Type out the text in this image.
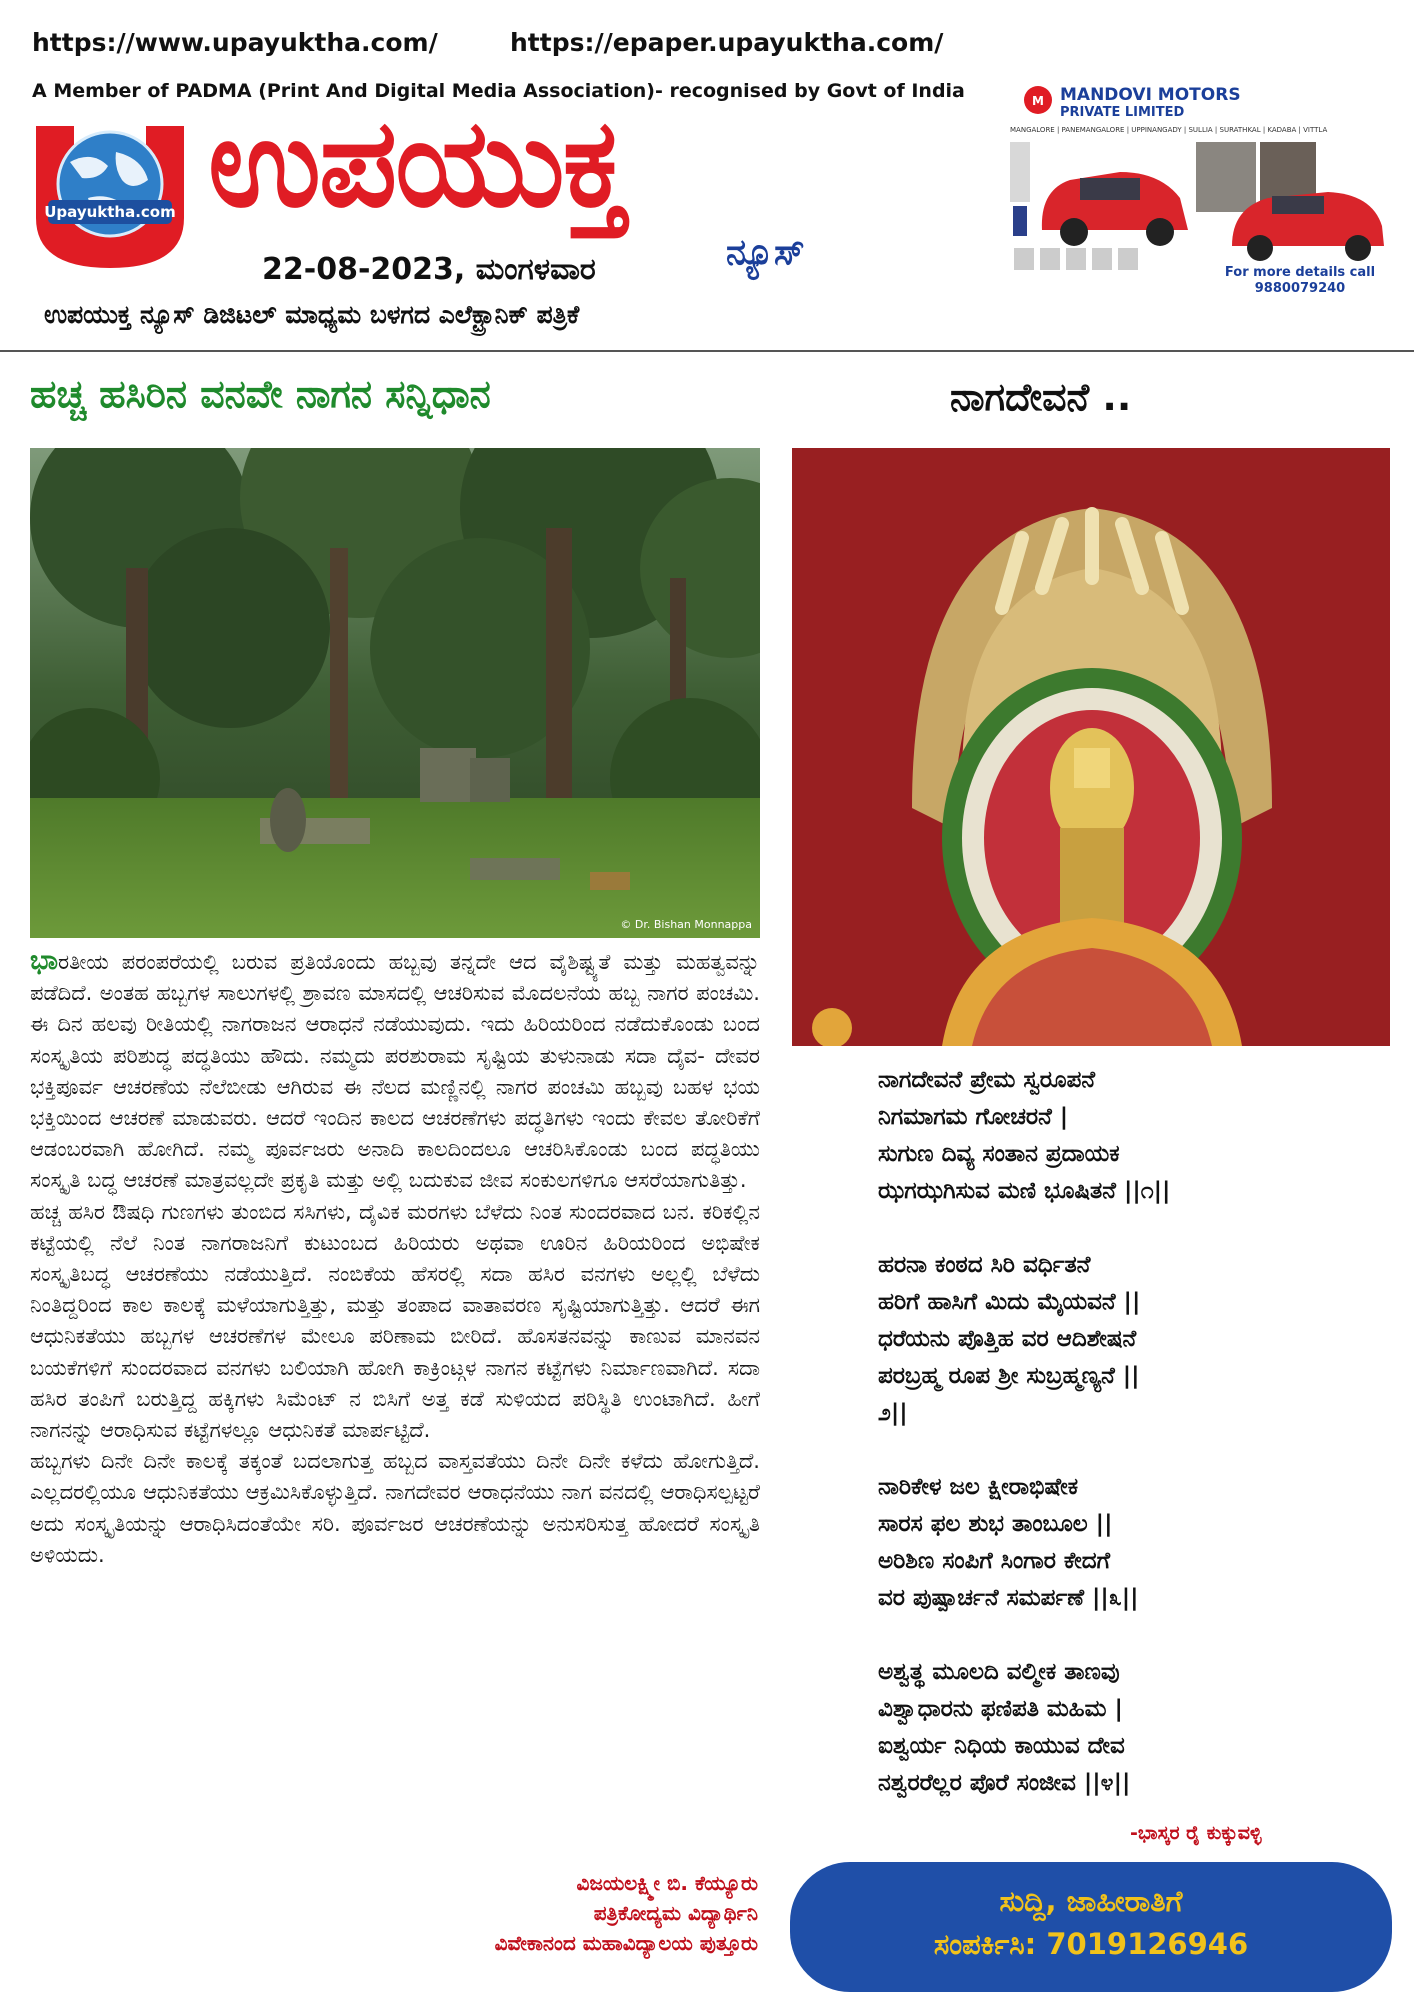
https://www.upayuktha.com/	https://epaper.upayuktha.com/
A Member of PADMA (Print And Digital Media Association)- recognised by Govt of India
Upayuktha.com ಉಪಯುಕ್ತ
ನ್ಯೂಸ್
22-08-2023, ಮಂಗಳವಾರ
ಉಪಯುಕ್ತ ನ್ಯೂಸ್ ಡಿಜಿಟಲ್ ಮಾಧ್ಯಮ ಬಳಗದ ಎಲೆಕ್ಟ್ರಾನಿಕ್ ಪತ್ರಿಕೆ
M MANDOVI MOTORS
PRIVATE LIMITED
MANGALORE | PANEMANGALORE | UPPINANGADY | SULLIA | SURATHKAL | KADABA | VITTLA
For more details call
9880079240
ಹಚ್ಚ ಹಸಿರಿನ ವನವೇ ನಾಗನ ಸನ್ನಿಧಾನ	ನಾಗದೇವನೆ ..
© Dr. Bishan Monnappa

ಭಾರತೀಯ ಪರಂಪರೆಯಲ್ಲಿ ಬರುವ ಪ್ರತಿಯೊಂದು ಹಬ್ಬವು ತನ್ನದೇ ಆದ ವೈಶಿಷ್ಟ್ಯತೆ ಮತ್ತು ಮಹತ್ವವನ್ನು ಪಡೆದಿದೆ. ಅಂತಹ ಹಬ್ಬಗಳ ಸಾಲುಗಳಲ್ಲಿ ಶ್ರಾವಣ ಮಾಸದಲ್ಲಿ ಆಚರಿಸುವ ಮೊದಲನೆಯ ಹಬ್ಬ ನಾಗರ ಪಂಚಮಿ. ಈ ದಿನ ಹಲವು ರೀತಿಯಲ್ಲಿ ನಾಗರಾಜನ ಆರಾಧನೆ ನಡೆಯುವುದು. ಇದು ಹಿರಿಯರಿಂದ ನಡೆದುಕೊಂಡು ಬಂದ ಸಂಸ್ಕೃತಿಯ ಪರಿಶುದ್ಧ ಪದ್ಧತಿಯು ಹೌದು. ನಮ್ಮದು ಪರಶುರಾಮ ಸೃಷ್ಟಿಯ ತುಳುನಾಡು ಸದಾ ದೈವ- ದೇವರ ಭಕ್ತಿಪೂರ್ವ ಆಚರಣೆಯ ನೆಲೆಬೀಡು ಆಗಿರುವ ಈ ನೆಲದ ಮಣ್ಣಿನಲ್ಲಿ ನಾಗರ ಪಂಚಮಿ ಹಬ್ಬವು ಬಹಳ ಭಯ ಭಕ್ತಿಯಿಂದ ಆಚರಣೆ ಮಾಡುವರು. ಆದರೆ ಇಂದಿನ ಕಾಲದ ಆಚರಣೆಗಳು ಪದ್ಧತಿಗಳು ಇಂದು ಕೇವಲ ತೋರಿಕೆಗೆ ಆಡಂಬರವಾಗಿ ಹೋಗಿದೆ. ನಮ್ಮ ಪೂರ್ವಜರು ಅನಾದಿ ಕಾಲದಿಂದಲೂ ಆಚರಿಸಿಕೊಂಡು ಬಂದ ಪದ್ಧತಿಯು ಸಂಸ್ಕೃತಿ ಬದ್ಧ ಆಚರಣೆ ಮಾತ್ರವಲ್ಲದೇ ಪ್ರಕೃತಿ ಮತ್ತು ಅಲ್ಲಿ ಬದುಕುವ ಜೀವ ಸಂಕುಲಗಳಿಗೂ ಆಸರೆಯಾಗುತಿತ್ತು.

ಹಚ್ಚ ಹಸಿರ ಔಷಧಿ ಗುಣಗಳು ತುಂಬಿದ ಸಸಿಗಳು, ದೈವಿಕ ಮರಗಳು ಬೆಳೆದು ನಿಂತ ಸುಂದರವಾದ ಬನ. ಕರಿಕಲ್ಲಿನ ಕಟ್ಟೆಯಲ್ಲಿ ನೆಲೆ ನಿಂತ ನಾಗರಾಜನಿಗೆ ಕುಟುಂಬದ ಹಿರಿಯರು ಅಥವಾ ಊರಿನ ಹಿರಿಯರಿಂದ ಅಭಿಷೇಕ ಸಂಸ್ಕೃತಿಬದ್ಧ ಆಚರಣೆಯು ನಡೆಯುತ್ತಿದೆ. ನಂಬಿಕೆಯ ಹೆಸರಲ್ಲಿ ಸದಾ ಹಸಿರ ವನಗಳು ಅಲ್ಲಲ್ಲಿ ಬೆಳೆದು ನಿಂತಿದ್ದರಿಂದ ಕಾಲ ಕಾಲಕ್ಕೆ ಮಳೆಯಾಗುತ್ತಿತ್ತು, ಮತ್ತು ತಂಪಾದ ವಾತಾವರಣ ಸೃಷ್ಟಿಯಾಗುತ್ತಿತ್ತು. ಆದರೆ ಈಗ ಆಧುನಿಕತೆಯು ಹಬ್ಬಗಳ ಆಚರಣೆಗಳ ಮೇಲೂ ಪರಿಣಾಮ ಬೀರಿದೆ. ಹೊಸತನವನ್ನು ಕಾಣುವ ಮಾನವನ ಬಯಕೆಗಳಿಗೆ ಸುಂದರವಾದ ವನಗಳು ಬಲಿಯಾಗಿ ಹೋಗಿ ಕಾಕ್ರಿಂಟ್ಗಳ ನಾಗನ ಕಟ್ಟೆಗಳು ನಿರ್ಮಾಣವಾಗಿದೆ. ಸದಾ ಹಸಿರ ತಂಪಿಗೆ ಬರುತ್ತಿದ್ದ ಹಕ್ಕಿಗಳು ಸಿಮೆಂಟ್ ನ ಬಿಸಿಗೆ ಅತ್ತ ಕಡೆ ಸುಳಿಯದ ಪರಿಸ್ಥಿತಿ ಉಂಟಾಗಿದೆ. ಹೀಗೆ ನಾಗನನ್ನು ಆರಾಧಿಸುವ ಕಟ್ಟೆಗಳಲ್ಲೂ ಆಧುನಿಕತೆ ಮಾರ್ಪಟ್ಟಿದೆ.

ಹಬ್ಬಗಳು ದಿನೇ ದಿನೇ ಕಾಲಕ್ಕೆ ತಕ್ಕಂತೆ ಬದಲಾಗುತ್ತ ಹಬ್ಬದ ವಾಸ್ತವತೆಯು ದಿನೇ ದಿನೇ ಕಳೆದು ಹೋಗುತ್ತಿದೆ. ಎಲ್ಲದರಲ್ಲಿಯೂ ಆಧುನಿಕತೆಯು ಆಕ್ರಮಿಸಿಕೊಳ್ಳುತ್ತಿದೆ. ನಾಗದೇವರ ಆರಾಧನೆಯು ನಾಗ ವನದಲ್ಲಿ ಆರಾಧಿಸಲ್ಪಟ್ಟರೆ ಅದು ಸಂಸ್ಕೃತಿಯನ್ನು ಆರಾಧಿಸಿದಂತೆಯೇ ಸರಿ. ಪೂರ್ವಜರ ಆಚರಣೆಯನ್ನು ಅನುಸರಿಸುತ್ತ ಹೋದರೆ ಸಂಸ್ಕೃತಿ ಅಳಿಯದು.

ವಿಜಯಲಕ್ಷ್ಮೀ ಬಿ. ಕೆಯ್ಯೂರು
ಪತ್ರಿಕೋದ್ಯಮ ವಿದ್ಯಾರ್ಥಿನಿ
ವಿವೇಕಾನಂದ ಮಹಾವಿದ್ಯಾಲಯ ಪುತ್ತೂರು
ನಾಗದೇವನೆ ಪ್ರೇಮ ಸ್ವರೂಪನೆ
ನಿಗಮಾಗಮ ಗೋಚರನೆ |
ಸುಗುಣ ದಿವ್ಯ ಸಂತಾನ ಪ್ರದಾಯಕ
ಝಗಝಗಿಸುವ ಮಣಿ ಭೂಷಿತನೆ ||೧||
ಹರನಾ ಕಂಠದ ಸಿರಿ ವರ್ಧಿತನೆ
ಹರಿಗೆ ಹಾಸಿಗೆ ಮಿದು ಮೈಯವನೆ ||
ಧರೆಯನು ಪೊತ್ತಿಹ ವರ ಆದಿಶೇಷನೆ
ಪರಬ್ರಹ್ಮ ರೂಪ ಶ್ರೀ ಸುಬ್ರಹ್ಮಣ್ಯನೆ ||
೨||
ನಾರಿಕೇಳ ಜಲ ಕ್ಷೀರಾಭಿಷೇಕ
ಸಾರಸ ಫಲ ಶುಭ ತಾಂಬೂಲ ||
ಅರಿಶಿಣ ಸಂಪಿಗೆ ಸಿಂಗಾರ ಕೇದಗೆ
ವರ ಪುಷ್ಪಾರ್ಚನೆ ಸಮರ್ಪಣೆ ||೩||
ಅಶ್ವತ್ಥ ಮೂಲದಿ ವಲ್ಮೀಕ ತಾಣವು
ವಿಶ್ವಾಧಾರನು ಫಣಿಪತಿ ಮಹಿಮ |
ಐಶ್ವರ್ಯ ನಿಧಿಯ ಕಾಯುವ ದೇವ
ನಶ್ವರರೆಲ್ಲರ ಪೊರೆ ಸಂಜೀವ ||೪||
-ಭಾಸ್ಕರ ರೈ ಕುಕ್ಕುವಳ್ಳಿ
ಸುದ್ದಿ, ಜಾಹೀರಾತಿಗೆ
ಸಂಪರ್ಕಿಸಿ: 7019126946
